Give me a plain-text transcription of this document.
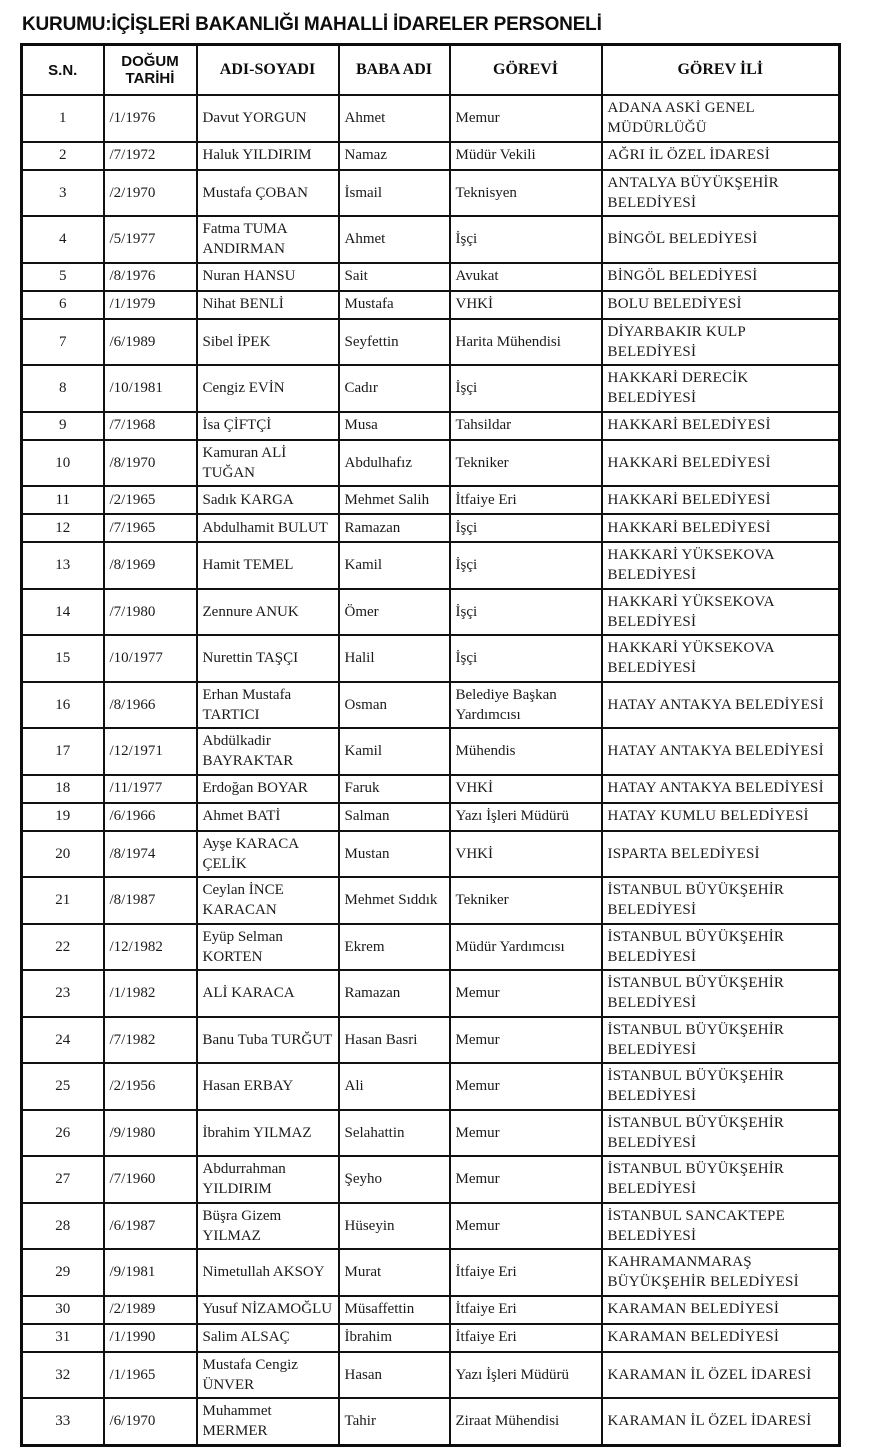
KURUMU:İÇİŞLERİ BAKANLIĞI MAHALLİ İDARELER PERSONELİ
S.N.	DOĞUM TARİHİ	ADI-SOYADI	BABA ADI	GÖREVİ	GÖREV İLİ
1	/1/1976	Davut YORGUN	Ahmet	Memur	ADANA ASKİ GENEL MÜDÜRLÜĞÜ
2	/7/1972	Haluk YILDIRIM	Namaz	Müdür Vekili	AĞRI İL ÖZEL İDARESİ
3	/2/1970	Mustafa ÇOBAN	İsmail	Teknisyen	ANTALYA BÜYÜKŞEHİR BELEDİYESİ
4	/5/1977	Fatma TUMA ANDIRMAN	Ahmet	İşçi	BİNGÖL BELEDİYESİ
5	/8/1976	Nuran HANSU	Sait	Avukat	BİNGÖL BELEDİYESİ
6	/1/1979	Nihat BENLİ	Mustafa	VHKİ	BOLU BELEDİYESİ
7	/6/1989	Sibel İPEK	Seyfettin	Harita Mühendisi	DİYARBAKIR KULP BELEDİYESİ
8	/10/1981	Cengiz EVİN	Cadır	İşçi	HAKKARİ DERECİK BELEDİYESİ
9	/7/1968	İsa ÇİFTÇİ	Musa	Tahsildar	HAKKARİ BELEDİYESİ
10	/8/1970	Kamuran ALİ TUĞAN	Abdulhafız	Tekniker	HAKKARİ BELEDİYESİ
11	/2/1965	Sadık KARGA	Mehmet Salih	İtfaiye Eri	HAKKARİ BELEDİYESİ
12	/7/1965	Abdulhamit BULUT	Ramazan	İşçi	HAKKARİ BELEDİYESİ
13	/8/1969	Hamit TEMEL	Kamil	İşçi	HAKKARİ YÜKSEKOVA BELEDİYESİ
14	/7/1980	Zennure ANUK	Ömer	İşçi	HAKKARİ YÜKSEKOVA BELEDİYESİ
15	/10/1977	Nurettin TAŞÇI	Halil	İşçi	HAKKARİ YÜKSEKOVA BELEDİYESİ
16	/8/1966	Erhan Mustafa TARTICI	Osman	Belediye Başkan Yardımcısı	HATAY ANTAKYA BELEDİYESİ
17	/12/1971	Abdülkadir BAYRAKTAR	Kamil	Mühendis	HATAY ANTAKYA BELEDİYESİ
18	/11/1977	Erdoğan BOYAR	Faruk	VHKİ	HATAY ANTAKYA BELEDİYESİ
19	/6/1966	Ahmet BATİ	Salman	Yazı İşleri Müdürü	HATAY KUMLU BELEDİYESİ
20	/8/1974	Ayşe KARACA ÇELİK	Mustan	VHKİ	ISPARTA BELEDİYESİ
21	/8/1987	Ceylan İNCE KARACAN	Mehmet Sıddık	Tekniker	İSTANBUL BÜYÜKŞEHİR BELEDİYESİ
22	/12/1982	Eyüp Selman KORTEN	Ekrem	Müdür Yardımcısı	İSTANBUL BÜYÜKŞEHİR BELEDİYESİ
23	/1/1982	ALİ KARACA	Ramazan	Memur	İSTANBUL BÜYÜKŞEHİR BELEDİYESİ
24	/7/1982	Banu Tuba TURĞUT	Hasan Basri	Memur	İSTANBUL BÜYÜKŞEHİR BELEDİYESİ
25	/2/1956	Hasan ERBAY	Ali	Memur	İSTANBUL BÜYÜKŞEHİR BELEDİYESİ
26	/9/1980	İbrahim YILMAZ	Selahattin	Memur	İSTANBUL BÜYÜKŞEHİR BELEDİYESİ
27	/7/1960	Abdurrahman YILDIRIM	Şeyho	Memur	İSTANBUL BÜYÜKŞEHİR BELEDİYESİ
28	/6/1987	Büşra Gizem YILMAZ	Hüseyin	Memur	İSTANBUL SANCAKTEPE BELEDİYESİ
29	/9/1981	Nimetullah AKSOY	Murat	İtfaiye Eri	KAHRAMANMARAŞ BÜYÜKŞEHİR BELEDİYESİ
30	/2/1989	Yusuf NİZAMOĞLU	Müsaffettin	İtfaiye Eri	KARAMAN BELEDİYESİ
31	/1/1990	Salim ALSAÇ	İbrahim	İtfaiye Eri	KARAMAN BELEDİYESİ
32	/1/1965	Mustafa Cengiz ÜNVER	Hasan	Yazı İşleri Müdürü	KARAMAN İL ÖZEL İDARESİ
33	/6/1970	Muhammet MERMER	Tahir	Ziraat Mühendisi	KARAMAN İL ÖZEL İDARESİ
